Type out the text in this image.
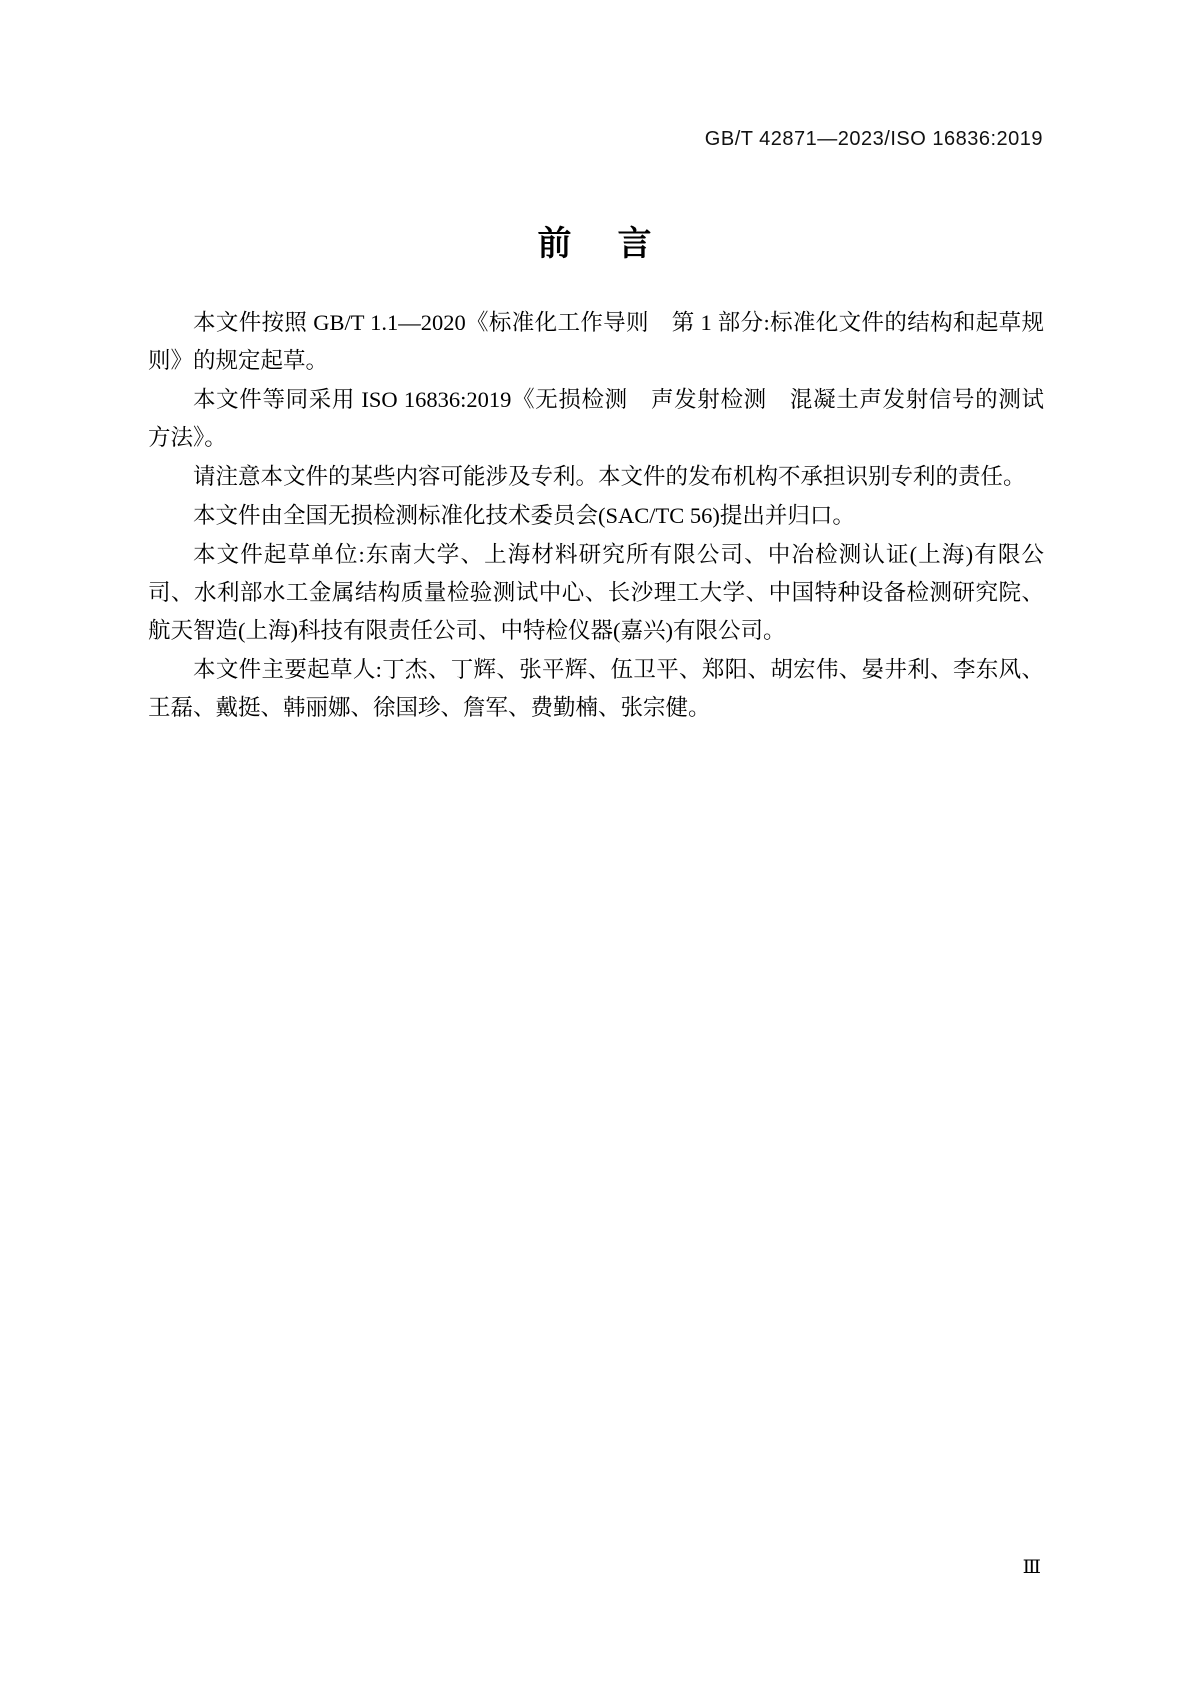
GB/T 42871—2023/ISO 16836:2019
前 言

本文件按照 GB/T 1.1—2020《标准化工作导则　第 1 部分:标准化文件的结构和起草规则》的规定起草。

本文件等同采用 ISO 16836:2019《无损检测　声发射检测　混凝土声发射信号的测试方法》。

请注意本文件的某些内容可能涉及专利。本文件的发布机构不承担识别专利的责任。

本文件由全国无损检测标准化技术委员会(SAC/TC 56)提出并归口。

本文件起草单位:东南大学、上海材料研究所有限公司、中冶检测认证(上海)有限公司、水利部水工金属结构质量检验测试中心、长沙理工大学、中国特种设备检测研究院、航天智造(上海)科技有限责任公司、中特检仪器(嘉兴)有限公司。

本文件主要起草人:丁杰、丁辉、张平辉、伍卫平、郑阳、胡宏伟、晏井利、李东风、王磊、戴挺、韩丽娜、徐国珍、詹军、费勤楠、张宗健。

Ⅲ
